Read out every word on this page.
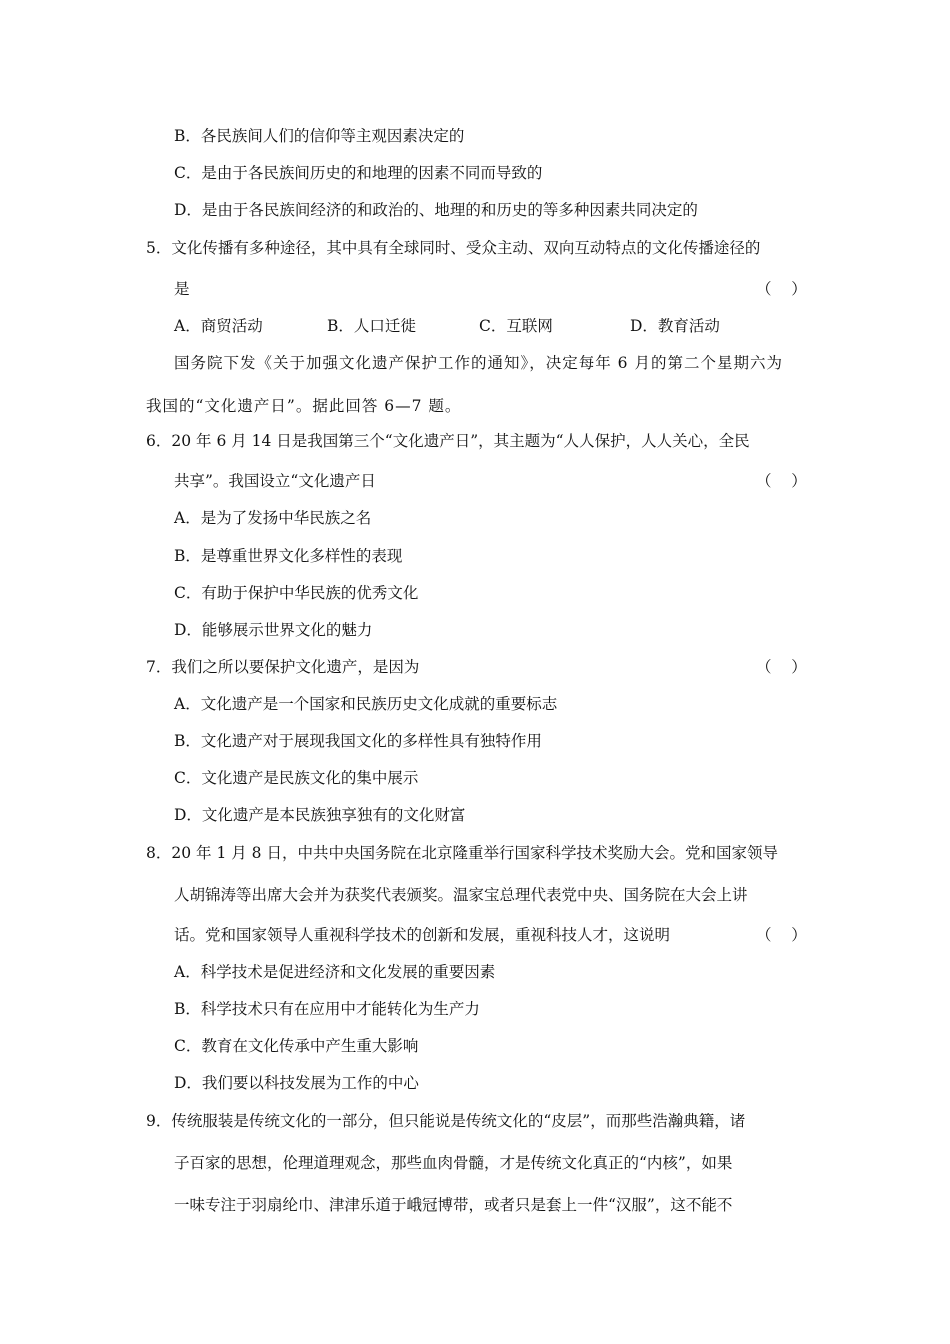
B．各民族间人们的信仰等主观因素决定的
C．是由于各民族间历史的和地理的因素不同而导致的
D．是由于各民族间经济的和政治的、地理的和历史的等多种因素共同决定的
5．文化传播有多种途径，其中具有全球同时、受众主动、双向互动特点的文化传播途径的
是	（    ）
A．商贸活动	B．人口迁徙	C．互联网	D．教育活动
国务院下发《关于加强文化遗产保护工作的通知》，决定每年 6 月的第二个星期六为
我国的“文化遗产日”。据此回答 6—7 题。
6．20 年 6 月 14 日是我国第三个“文化遗产日”，其主题为“人人保护，人人关心，全民
共享”。我国设立“文化遗产日	（    ）
A．是为了发扬中华民族之名
B．是尊重世界文化多样性的表现
C．有助于保护中华民族的优秀文化
D．能够展示世界文化的魅力
7．我们之所以要保护文化遗产，是因为	（    ）
A．文化遗产是一个国家和民族历史文化成就的重要标志
B．文化遗产对于展现我国文化的多样性具有独特作用
C．文化遗产是民族文化的集中展示
D．文化遗产是本民族独享独有的文化财富
8．20 年 1 月 8 日，中共中央国务院在北京隆重举行国家科学技术奖励大会。党和国家领导
人胡锦涛等出席大会并为获奖代表颁奖。温家宝总理代表党中央、国务院在大会上讲
话。党和国家领导人重视科学技术的创新和发展，重视科技人才，这说明	（    ）
A．科学技术是促进经济和文化发展的重要因素
B．科学技术只有在应用中才能转化为生产力
C．教育在文化传承中产生重大影响
D．我们要以科技发展为工作的中心
9．传统服装是传统文化的一部分，但只能说是传统文化的“皮层”，而那些浩瀚典籍，诸
子百家的思想，伦理道理观念，那些血肉骨髓，才是传统文化真正的“内核”，如果
一味专注于羽扇纶巾、津津乐道于峨冠博带，或者只是套上一件“汉服”，这不能不
